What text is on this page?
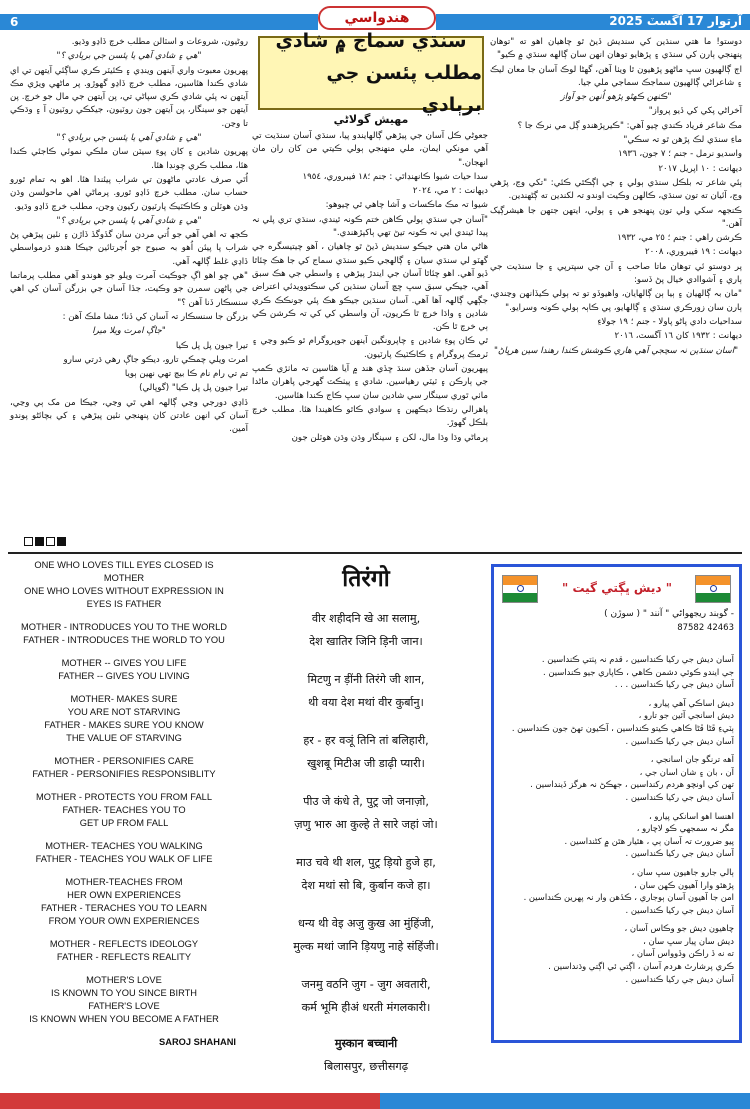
6	هندواسي	آرتوار 17 آگسٽ 2025

دوستو! ما هتي سنڌين کي سنديش ڏيڻ ٿو چاهيان اهو ته "توهان پنهنجي ٻارن کي سنڌي ۽ پڙهايو توهان انهن سان ڳالهه سنڌي ۾ ڪيو"

اڄ ڳالهيون سڀ ماڻهو پڙهيون ٿا ويٺا آهن، گهڻا لوڪ آسان جا معان ليڪ ۽ شاعراڻي ڳالهيون سماجڪ سماجي ملي جيا.

"ڪنهن ڪهڻو پڙهو اُنهن جو آواز

آخراڻي پکي کي ڏيو پرواز"

مڪ شاعر فرياد ڪندي چيو آهي: "ڪيرپڙهندو ڳل مي نرڪ جا ؟

ماءِ سنڌي لڪ پڙهن ٿو تہ سڪي"

واسديو نرمل - جنم ؛ ٧ جون، ١٩٣٦

ديهانت : ١٠ اپريل ٢٠١٧

ٻئي شاعر تہ بلڪل سنڌي ٻولي ۽ جي اڳڪٿي ڪئي: "تکي وڃ، پڙهي وڃ، آئيان ته تون سنڌي، ڪالهن وڪيت اوندو تہ لکندين ته ڳڻهندين.

ڪنجهہ سکي ولي تون پنهنجو هي ۽ ٻولي، ايتهن جتهن جا هيشرڳيک آهن."

ڪرشن راهي : جنم ؛ ٢٥ مي، ١٩٣٢

ديهانت : ١٩ فيبروري، ٢٠٠٨

پر دوستو ئي توهان ماتا صاحب ۽ آن جي سپترپي ۽ جا سنڌيت جي ٻاري ۽ آشواادي خيال پڻ ڏسو:

"مان بہ ڳالهيان ۽ ٻيا ٻن ڳالهايان، واهيوڏو تو تہ ٻولي ڪيڏانهن وڃندي، ٻارن سان زورڪري سنڌي ۽ ڳالهايو، پي ڪاٻہ ٻولي ڪونہ وسرايو."

سداحيات دادي پاڻو پاولا - جنم ؛ ١٩ جولاءِ

ديهانت : ١٩٣٢ کان ١٦ آگسٽ، ٢٠١٦

"اسان سنڌين نہ سچجي آهي هاري ڪوشش ڪندا رهندا سين هرڀاڻ"

سنڌي سماج ۾ شادي
مطلب پئسن جي برٻادي
مهيش گولاڻي

جعوڻي ڪل آسان جي پيڙهي ڳالهايندو پيا، سنڌي آسان سنڌيت تي آهي مونکي ايمان، ملي منهنجي ٻولي ڪيتي من کان ران مان انهجان."

سدا حيات شيوا ڪانهنڊاٿي : جنم ؛١٨ فيبروري، ١٩٥٤

ديهانت : ٢ مي، ٢٠٢٤

شيوا تہ مڪ ماڪسات و آشا چاهي ٿي چيوهو:

"آسان جي سنڌي ٻولي ڪاهن ختم ڪونہ ٿيندي، سنڌي تري پلي نہ پيدا ٿيندي ايي نہ ڪونہ تيڻ تهي ٻاکپڙهندي."

هاڻي مان هتي جيڪو سنديش ڏيڻ ٿو چاهيان ، آهو چيتيسگره جي گهٽو لي سنڌي سيان ۽ ڳالهجي ڪيو سنڌي سماج کي جا هڪ چئاٿا ڏيو آهي. اهو چئاٿا آسان جي ايندڙ پيڙهي ۽ واسطي جي هڪ سبق آهي، جيڪي سبق سڀ ڇچ آسان سنڌين کي سڪتوويدئي اعتراض جڳهي ڳالهہ آها آهي. آسان سنڌين جيڪو هڪ پئي جونڪڪ ڪري شادين ۽ واڌا خرچ ٿا ڪريون، آن واسطي کي کي تہ ڪرشن ڪي ٻي خرچ ٿا ڪن.

ٿي ڪان پوءِ شادين ۽ چاپرونگين آينهن جوپروگرام ٿو ڪيو وڃي ۽ ٽرمڪ پروگرام ۽ ڪاڪٽيڪ پارٽيون.

پيهريون آسان جڏهن سنڌ ڇڏي هند ۾ آيا هئاسين تہ ماٺڙي ڪمپ جي ٻارڪن ۽ ٽيٽي رهياسين. شادي ۽ پيٺڪٽ گهرجي پاهران ماڻدا ماٺي ٿوري سينگار سي شادين سان سڀ ڪاج ڪندا هئاسين.

پاهرالي رنڌڪا ديڪهين ۽ سوادي ڪاٿو ڪاهيندا هئا. مطلب خرچ بلڪل گهوڙ.

پرماڻي وڌا وڌا مال، لکن ۽ سينگار وڌن وڌن هوٽلن جون

روڻيون، شروعات و اسٽالن مطلب خرچ ڏاڍو وڌيو.

"هي ۽ شادي آهي يا پئسن جي برٻادي ؟"

پهريون معبوت واري آينهن وينڊي ۽ ڪئيٽر ڪري ساڳئي آيتهن تي اي شادي ڪندا هئاسين، مطلب خرچ ڏاڍو گهوڙو. پر ماڻهي ويڙي مڪ آيتهن نہ پئي شادي ڪري سپاڻي تي، پن آيتهن جي مال جو خرچ. پن آيتهن جو سينگار، پن آيتهن جون روٽيون، جيکڪي روٽيون آ ۽ وڌڪي تا وڃن.

"هي ۽ شادي آهي يا پئسن جي برٻادي ؟"

پهريون شادين ۽ کان پوءِ سيٽن سان ملڪي نموئي ڪاجئي ڪندا هئا، مطلب ڪري چونڊا هئا.

اُٿي صرف عادتي ماڻهون تي شراب پيئندا هئا. اهو بہ تمام ٿورو حساب سان. مطلب خرچ ڏاڍو ٿورو. پرماڻي اهي ماحولسن وڌن وڌن هوٽلن و ڪاڪٽيڪ پارٽيون رکيون وڃن، مطلب خرچ ڏاڍو وڌيو.

"هي ۽ شادي آهي يا پئسن جي برٻادي ؟"

ڪجھ تہ اهي آهي جو اُتي مردن سان گڏوگڏ ڏاڙن ۽ نئين پيڙهي پڻ شراب پا پيئن اُهو بہ صبوح جو اُجرتائين جيڪا هندو ڌرمواسطي ڏاڍي غلط ڳالهہ آهي.

"هي چو اهو اڳ جوڪيت آمرت ويلو جو هوندو آهي مطلب پرماتما جي پاڻهن سمرن جو وڪيت، جڏا آسان جي بزرگن آسان کي اهي سنسڪار ڏنا آهن ؟"

بزرگن جا سنسڪار تہ آسان کي ڏنا؛ مشا ملڪ آهن :

"جاڳ امرت ويلا ميرا

تيرا جيون پل پل ڪيا

امرت ويلي چمڪي تارو، ديڪو جاڳ رهي ڌرتي سارو

تم تي رام نام ڪا بيڄ تهي نهين ٻويا

تيرا جيون پل پل ڪيا" (گوپالي)

ڏاڍي دورجي وڃي ڳالهہ اهي ٿي وڃي، جيڪا من مک ٻي وڃي، آسان کي انهن عادتن کان پنهنجي نئين پيڙهي ۽ کي بچائڻو پوندو آمين.

ONE WHO LOVES TILL EYES CLOSED IS
MOTHER
ONE WHO LOVES WITHOUT EXPRESSION IN
EYES IS FATHER
MOTHER - INTRODUCES YOU TO THE WORLD
FATHER - INTRODUCES THE WORLD TO YOU
MOTHER -- GIVES YOU LIFE
FATHER -- GIVES YOU LIVING
MOTHER- MAKES SURE
YOU ARE NOT STARVING
FATHER - MAKES SURE YOU KNOW
THE VALUE OF STARVING
MOTHER - PERSONIFIES CARE
FATHER - PERSONIFIES RESPONSIBLITY
MOTHER - PROTECTS YOU FROM FALL
FATHER- TEACHES YOU TO
GET UP FROM FALL
MOTHER- TEACHES YOU WALKING
FATHER - TEACHES YOU WALK OF LIFE
MOTHER-TEACHES FROM
HER OWN EXPERIENCES
FATHER - TERACHES YOU TO LEARN
FROM YOUR OWN EXPERIENCES
MOTHER - REFLECTS IDEOLOGY
FATHER - REFLECTS REALITY
MOTHER'S LOVE
IS KNOWN TO YOU SINCE BIRTH
FATHER'S LOVE
IS KNOWN WHEN YOU BECOME A FATHER
SAROJ SHAHANI
तिरंगो
वीर शहीदनि खे आ सलामु,
देश खातिर जिनि ड़िनी जान।
मिटणु न ड़ींनी तिरंगे जी शान,
थी वया देश मथां वीर कुर्बानु।
हर - हर वञूं तिनि तां बलिहारी,
खुशबू मिटीअ जी डाढ़ी प्यारी।
पीउ जे कंधे ते, पुट्र जो जनाज़ो,
ज़णु भारु आ कुल्हे ते सारे जहां जो।
माउ चवे थी शल, पुट्र ड़ियो हुजे हा,
देश मथां सो बि, कुर्बान कजे हा।
धन्य थी वेइ अजु कुख आ मुंहिंजी,
मुल्क मथां जानि ड़ियणु नाहे संहिंजी।
जनमु वठनि जुग - जुग अवतारी,
कर्म भूमि हीअं धरती मंगलकारी।
मुस्कान बच्चानी
बिलासपुर, छत्तीसगढ़
" ديش ڀڳتي گيت "
- گوبند ريجهواڻي " آنند " ( سوڙن )
87582 42463
آسان ديش جي رکيا ڪنداسين ، قدم نہ پٺتي ڪنداسين .
جي ايندو ڪوئي دشمن ڪاهي ، ڪاپاري جيو ڪنداسين .
آسان ديش جي رکيا ڪنداسين . . .
ديش اساڪي آهي پيارو ،
ديش اسانجي آئين جو تارو ،
ٻٽيءِ ڦڻا ڦڻا ڪاهي ڪيتو ڪنداسين ، آڪيون تهڻ جون ڪنداسين .
آسان ديش جي رکيا ڪنداسين .
آهه ترنگو جان اسانجي ،
آن ، بان ۽ شان اسان جي ،
تهن کي اونچو هردم رکنداسين ، جهڪڻ نہ هرگز ڏينداسين .
آسان ديش جي رکيا ڪنداسين .
اهنسا اهو اسانکي پيارو ،
مگر نہ سمجهي ڪو لاچارو ،
پيو ضرورت تہ آسان ٻي ، هٿيار هٿن ۾ کڻنداسين .
آسان ديش جي رکيا ڪنداسين .
ٻالي جارو جاهيون سڀ سان ،
پڙهئو وارا آهيون ڪهن سان ،
امن جا آهيون آسان ٻوجاري ، ڪڏهن وار نہ پهرين ڪنداسين .
آسان ديش جي رکيا ڪنداسين .
چاهيون ديش جو وڪاس آسان ،
ديش سان پيار سڀ سان ،
ته نه ڏ راڪن وڏوواس آسان ،
ڪري پرشارٿ هردم آسان ، اڳتي ئي اڳتي وڌنداسين .
آسان ديش جي رکيا ڪنداسين .
